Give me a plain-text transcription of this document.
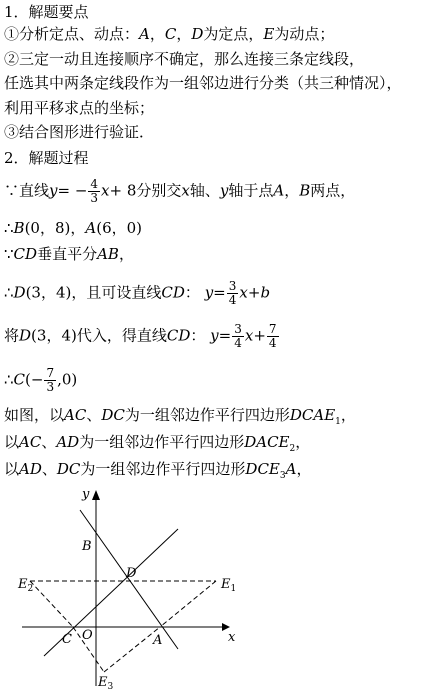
1．解题要点
①分析定点、动点：A，C，D为定点，E为动点；
②三定一动且连接顺序不确定，那么连接三条定线段，
任选其中两条定线段作为一组邻边进行分类（共三种情况），
利用平移求点的坐标；
③结合图形进行验证．
2．解题过程
∵直线$y= - \frac{4}{3} x+ 8$分别交x轴、y轴于点A，B两点，
∴B(0，8)，A(6，0)
∵CD垂直平分AB，
∴D(3，4)，且可设直线CD： $y= \frac{3}{4} x+b$
将D(3，4)代入，得直线CD： $y= \frac{3}{4} x+ \frac{7}{4}$
∴C(− $\frac{7}{3} ,0$)
如图，以AC、DC为一组邻边作平行四边形$DCAE_1$，
以AC、AD为一组邻边作平行四边形$DACE_2$，
以AD、DC为一组邻边作平行四边形$DCE_3A$，
y
x
B
D
$E_2$	$E_1$
C O	A
$E_3$
